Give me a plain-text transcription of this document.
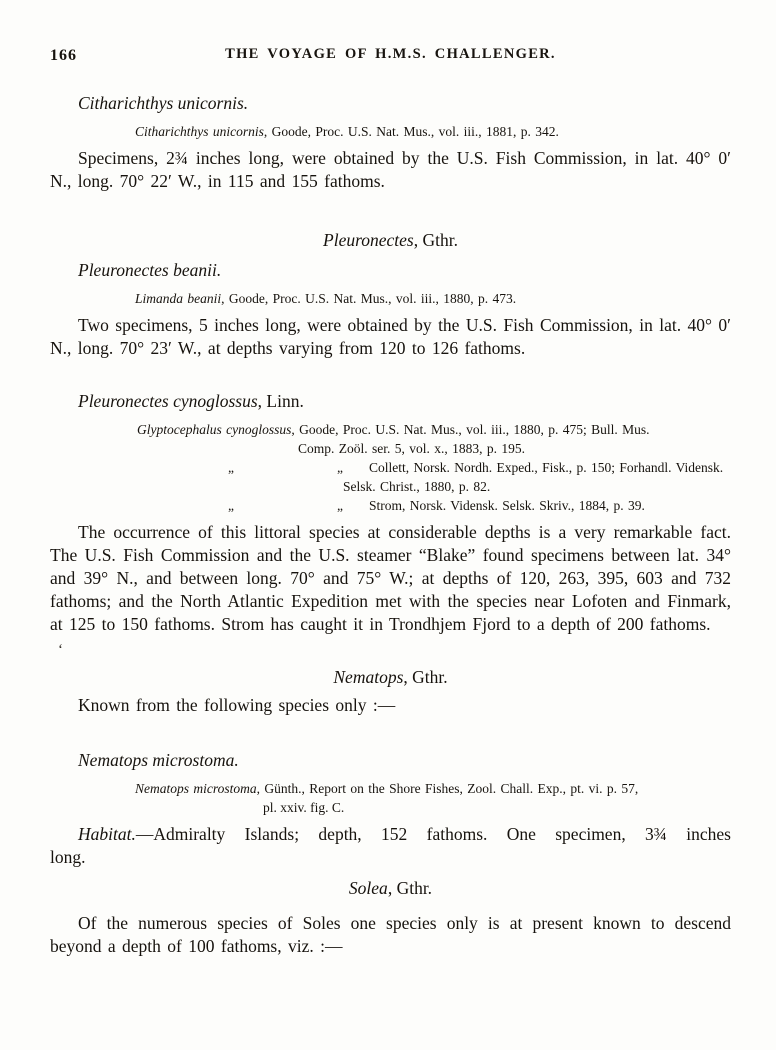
166	THE VOYAGE OF H.M.S. CHALLENGER.
Citharichthys unicornis.
Citharichthys unicornis, Goode, Proc. U.S. Nat. Mus., vol. iii., 1881, p. 342.

Specimens, 2¾ inches long, were obtained by the U.S. Fish Commission, in lat. 40° 0′ N., long. 70° 22′ W., in 115 and 155 fathoms.

Pleuronectes, Gthr.
Pleuronectes beanii.
Limanda beanii, Goode, Proc. U.S. Nat. Mus., vol. iii., 1880, p. 473.

Two specimens, 5 inches long, were obtained by the U.S. Fish Commission, in lat. 40° 0′ N., long. 70° 23′ W., at depths varying from 120 to 126 fathoms.

Pleuronectes cynoglossus, Linn.
Glyptocephalus cynoglossus, Goode, Proc. U.S. Nat. Mus., vol. iii., 1880, p. 475; Bull. Mus.
Comp. Zoöl. ser. 5, vol. x., 1883, p. 195.
„	„ Collett, Norsk. Nordh. Exped., Fisk., p. 150; Forhandl. Vidensk.
Selsk. Christ., 1880, p. 82.
„	„ Strom, Norsk. Vidensk. Selsk. Skriv., 1884, p. 39.

The occurrence of this littoral species at considerable depths is a very remarkable fact. The U.S. Fish Commission and the U.S. steamer “Blake” found specimens between lat. 34° and 39° N., and between long. 70° and 75° W.; at depths of 120, 263, 395, 603 and 732 fathoms; and the North Atlantic Expedition met with the species near Lofoten and Finmark, at 125 to 150 fathoms. Strom has caught it in Trondhjem Fjord to a depth of 200 fathoms.

Nematops, Gthr.

Known from the following species only :—

Nematops microstoma.
Nematops microstoma, Günth., Report on the Shore Fishes, Zool. Chall. Exp., pt. vi. p. 57,
pl. xxiv. fig. C.

Habitat.—Admiralty Islands; depth, 152 fathoms. One specimen, 3¾ inches long.

Solea, Gthr.

Of the numerous species of Soles one species only is at present known to descend beyond a depth of 100 fathoms, viz. :—

‘
